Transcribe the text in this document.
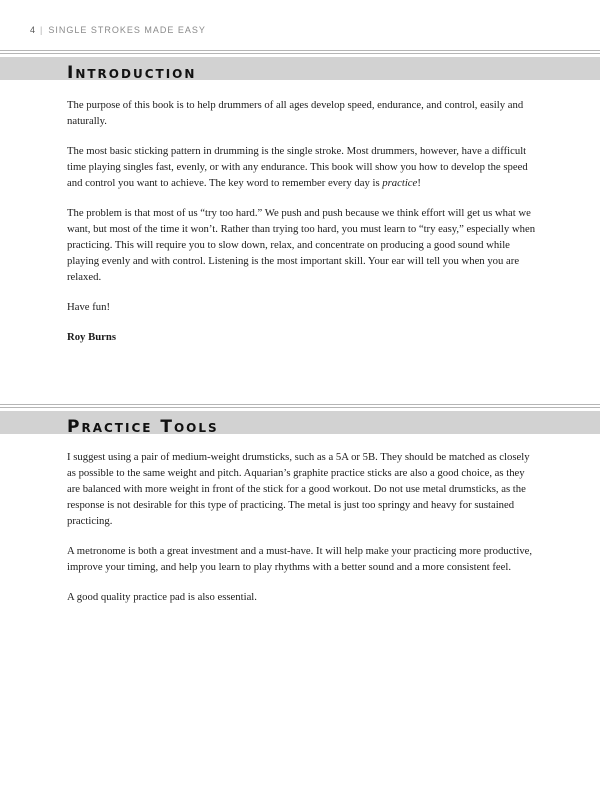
4 | SINGLE STROKES MADE EASY
Introduction

The purpose of this book is to help drummers of all ages develop speed, endurance, and control, easily and naturally.

The most basic sticking pattern in drumming is the single stroke. Most drummers, however, have a difficult time playing singles fast, evenly, or with any endurance. This book will show you how to develop the speed and control you want to achieve. The key word to remember every day is practice!

The problem is that most of us “try too hard.” We push and push because we think effort will get us what we want, but most of the time it won’t. Rather than trying too hard, you must learn to “try easy,” especially when practicing. This will require you to slow down, relax, and concentrate on producing a good sound while playing evenly and with control. Listening is the most important skill. Your ear will tell you when you are relaxed.

Have fun!

Roy Burns

Practice Tools

I suggest using a pair of medium-weight drumsticks, such as a 5A or 5B. They should be matched as closely as possible to the same weight and pitch. Aquarian’s graphite practice sticks are also a good choice, as they are balanced with more weight in front of the stick for a good workout. Do not use metal drumsticks, as the response is not desirable for this type of practicing. The metal is just too springy and heavy for sustained practicing.

A metronome is both a great investment and a must-have. It will help make your practicing more productive, improve your timing, and help you learn to play rhythms with a better sound and a more consistent feel.

A good quality practice pad is also essential.
